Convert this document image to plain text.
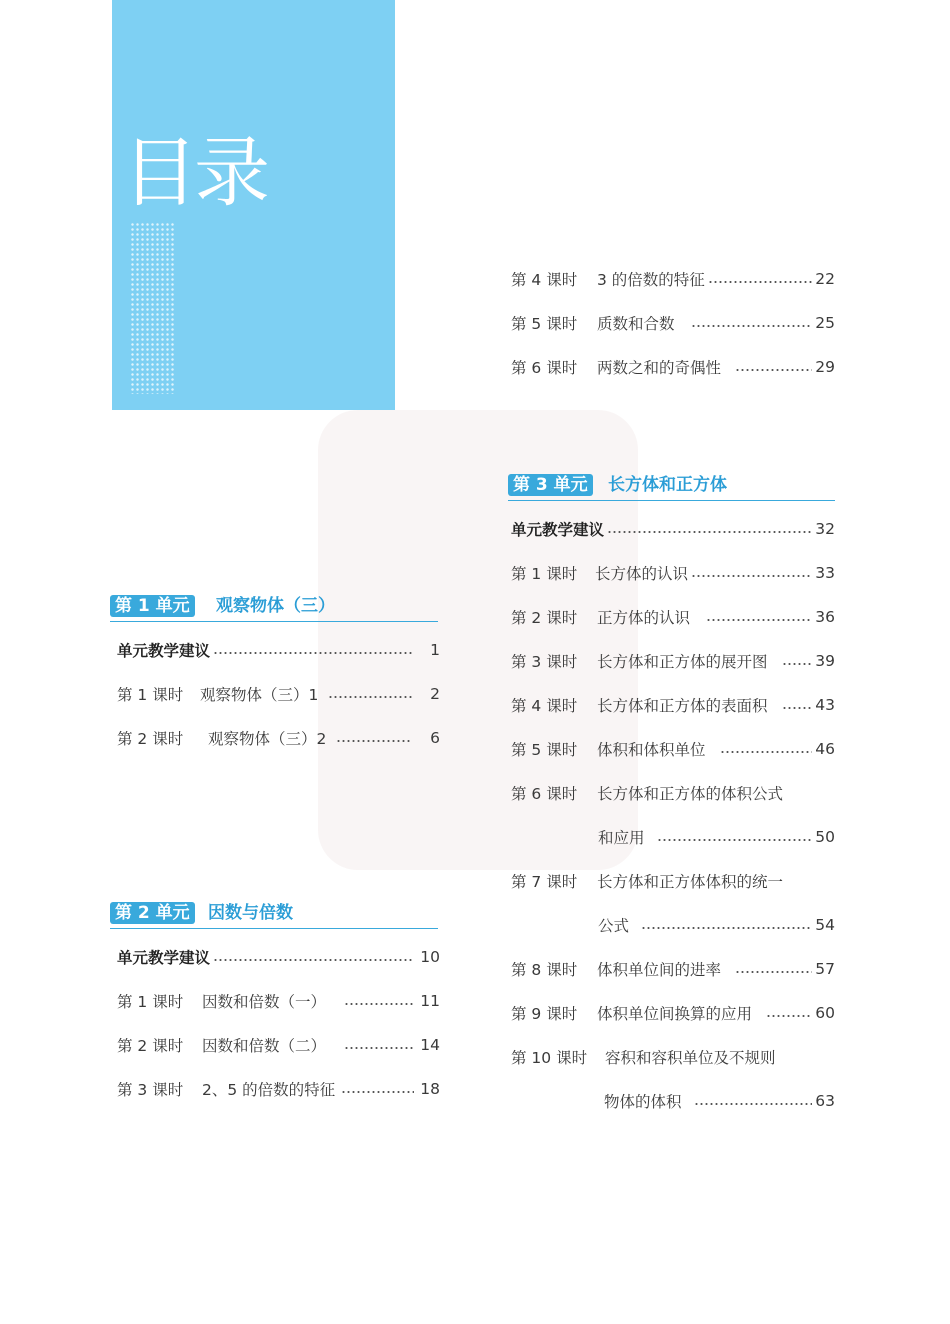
目录
第 4 课时	3 的倍数的特征	22
第 5 课时	质数和合数	25
第 6 课时	两数之和的奇偶性	29
第 3 单元 长方体和正方体
单元教学建议	32
第 1 课时	长方体的认识	33
第 2 课时	正方体的认识	36
第 3 课时	长方体和正方体的展开图	39
第 4 课时	长方体和正方体的表面积	43
第 5 课时	体积和体积单位	46
第 6 课时	长方体和正方体的体积公式
和应用	50
第 7 课时	长方体和正方体体积的统一
公式	54
第 8 课时	体积单位间的进率	57
第 9 课时	体积单位间换算的应用	60
第 10 课时	容积和容积单位及不规则
物体的体积	63
第 1 单元 观察物体（三）
单元教学建议	1
第 1 课时	观察物体（三）1	2
第 2 课时	观察物体（三）2	6
第 2 单元 因数与倍数
单元教学建议	10
第 1 课时	因数和倍数（一）	11
第 2 课时	因数和倍数（二）	14
第 3 课时	2、5 的倍数的特征	18
